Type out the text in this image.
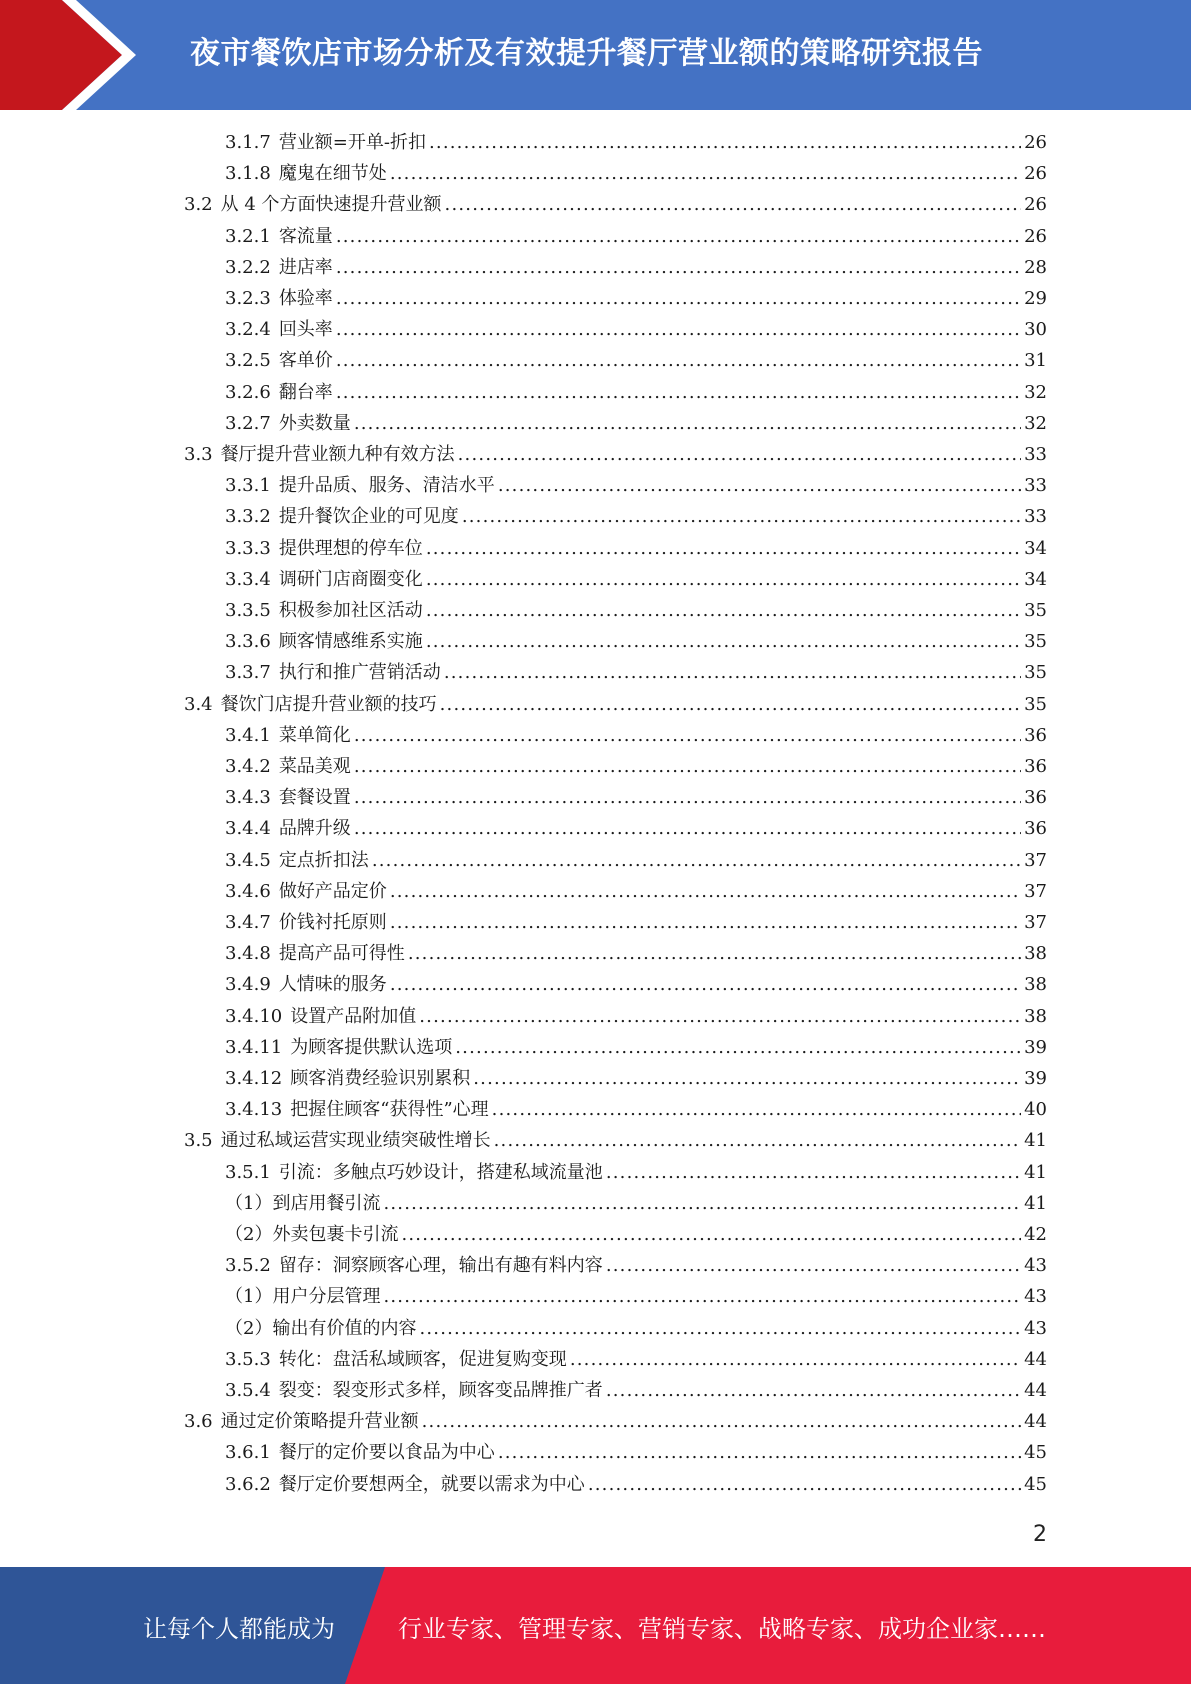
夜市餐饮店市场分析及有效提升餐厅营业额的策略研究报告
3.1.7 营业额=开单-折扣 .....	26
3.1.8 魔鬼在细节处 .....	26
3.2 从 4 个方面快速提升营业额 .....	26
3.2.1 客流量 .....	26
3.2.2 进店率 .....	28
3.2.3 体验率 .....	29
3.2.4 回头率 .....	30
3.2.5 客单价 .....	31
3.2.6 翻台率 .....	32
3.2.7 外卖数量 .....	32
3.3 餐厅提升营业额九种有效方法 .....	33
3.3.1 提升品质、服务、清洁水平 .....	33
3.3.2 提升餐饮企业的可见度 .....	33
3.3.3 提供理想的停车位 .....	34
3.3.4 调研门店商圈变化 .....	34
3.3.5 积极参加社区活动 .....	35
3.3.6 顾客情感维系实施 .....	35
3.3.7 执行和推广营销活动 .....	35
3.4 餐饮门店提升营业额的技巧 .....	35
3.4.1 菜单简化 .....	36
3.4.2 菜品美观 .....	36
3.4.3 套餐设置 .....	36
3.4.4 品牌升级 .....	36
3.4.5 定点折扣法 .....	37
3.4.6 做好产品定价 .....	37
3.4.7 价钱衬托原则 .....	37
3.4.8 提高产品可得性 .....	38
3.4.9 人情味的服务 .....	38
3.4.10 设置产品附加值 .....	38
3.4.11 为顾客提供默认选项 .....	39
3.4.12 顾客消费经验识别累积 .....	39
3.4.13 把握住顾客“获得性”心理 .....	40
3.5 通过私域运营实现业绩突破性增长 .....	41
3.5.1 引流：多触点巧妙设计，搭建私域流量池 .....	41
（1）到店用餐引流 .....	41
（2）外卖包裹卡引流 .....	42
3.5.2 留存：洞察顾客心理，输出有趣有料内容 .....	43
（1）用户分层管理 .....	43
（2）输出有价值的内容 .....	43
3.5.3 转化：盘活私域顾客，促进复购变现 .....	44
3.5.4 裂变：裂变形式多样，顾客变品牌推广者 .....	44
3.6 通过定价策略提升营业额 .....	44
3.6.1 餐厅的定价要以食品为中心 .....	45
3.6.2 餐厅定价要想两全，就要以需求为中心 .....	45
2
让每个人都能成为	行业专家、管理专家、营销专家、战略专家、成功企业家……
